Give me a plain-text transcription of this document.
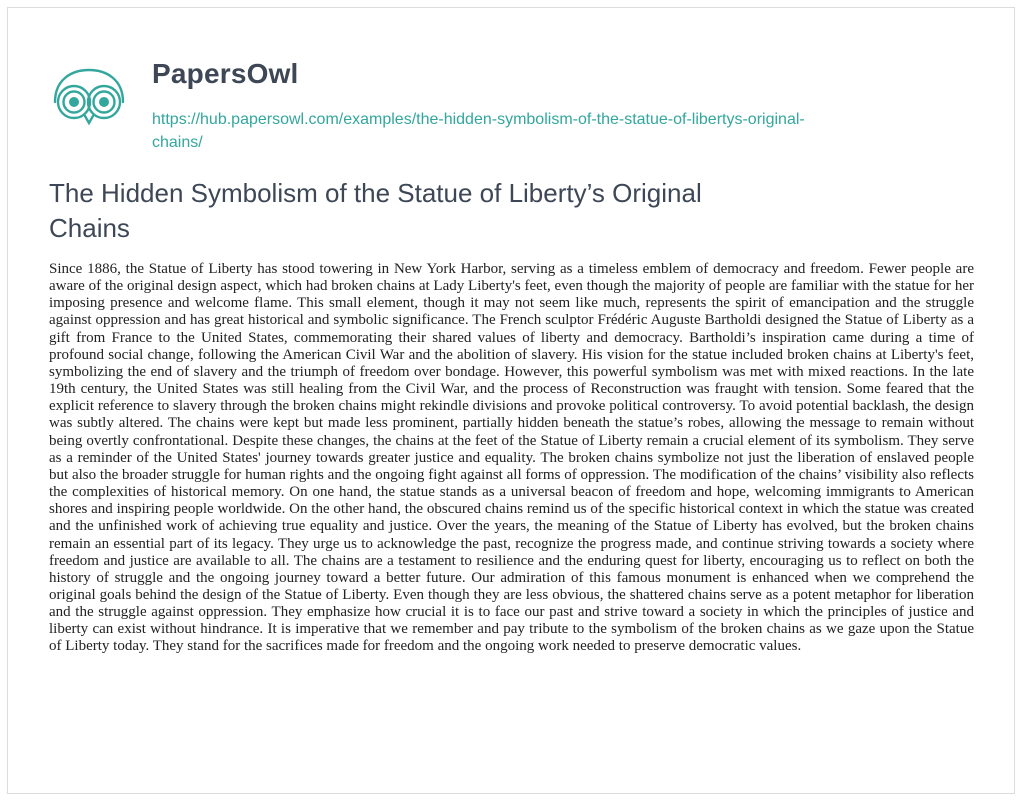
PapersOwl
https://hub.papersowl.com/examples/the-hidden-symbolism-of-the-statue-of-libertys-original-
chains/
The Hidden Symbolism of the Statue of Liberty’s Original Chains

Since 1886, the Statue of Liberty has stood towering in New York Harbor, serving as a timeless emblem of democracy and freedom. Fewer people are aware of the original design aspect, which had broken chains at Lady Liberty's feet, even though the majority of people are familiar with the statue for her imposing presence and welcome flame. This small element, though it may not seem like much, represents the spirit of emancipation and the struggle against oppression and has great historical and symbolic significance. The French sculptor Frédéric Auguste Bartholdi designed the Statue of Liberty as a gift from France to the United States, commemorating their shared values of liberty and democracy. Bartholdi’s inspiration came during a time of profound social change, following the American Civil War and the abolition of slavery. His vision for the statue included broken chains at Liberty's feet, symbolizing the end of slavery and the triumph of freedom over bondage. However, this powerful symbolism was met with mixed reactions. In the late 19th century, the United States was still healing from the Civil War, and the process of Reconstruction was fraught with tension. Some feared that the explicit reference to slavery through the broken chains might rekindle divisions and provoke political controversy. To avoid potential backlash, the design was subtly altered. The chains were kept but made less prominent, partially hidden beneath the statue’s robes, allowing the message to remain without being overtly confrontational. Despite these changes, the chains at the feet of the Statue of Liberty remain a crucial element of its symbolism. They serve as a reminder of the United States' journey towards greater justice and equality. The broken chains symbolize not just the liberation of enslaved people but also the broader struggle for human rights and the ongoing fight against all forms of oppression. The modification of the chains’ visibility also reflects the complexities of historical memory. On one hand, the statue stands as a universal beacon of freedom and hope, welcoming immigrants to American shores and inspiring people worldwide. On the other hand, the obscured chains remind us of the specific historical context in which the statue was created and the unfinished work of achieving true equality and justice. Over the years, the meaning of the Statue of Liberty has evolved, but the broken chains remain an essential part of its legacy. They urge us to acknowledge the past, recognize the progress made, and continue striving towards a society where freedom and justice are available to all. The chains are a testament to resilience and the enduring quest for liberty, encouraging us to reflect on both the history of struggle and the ongoing journey toward a better future. Our admiration of this famous monument is enhanced when we comprehend the original goals behind the design of the Statue of Liberty. Even though they are less obvious, the shattered chains serve as a potent metaphor for liberation and the struggle against oppression. They emphasize how crucial it is to face our past and strive toward a society in which the principles of justice and liberty can exist without hindrance. It is imperative that we remember and pay tribute to the symbolism of the broken chains as we gaze upon the Statue of Liberty today. They stand for the sacrifices made for freedom and the ongoing work needed to preserve democratic values.
